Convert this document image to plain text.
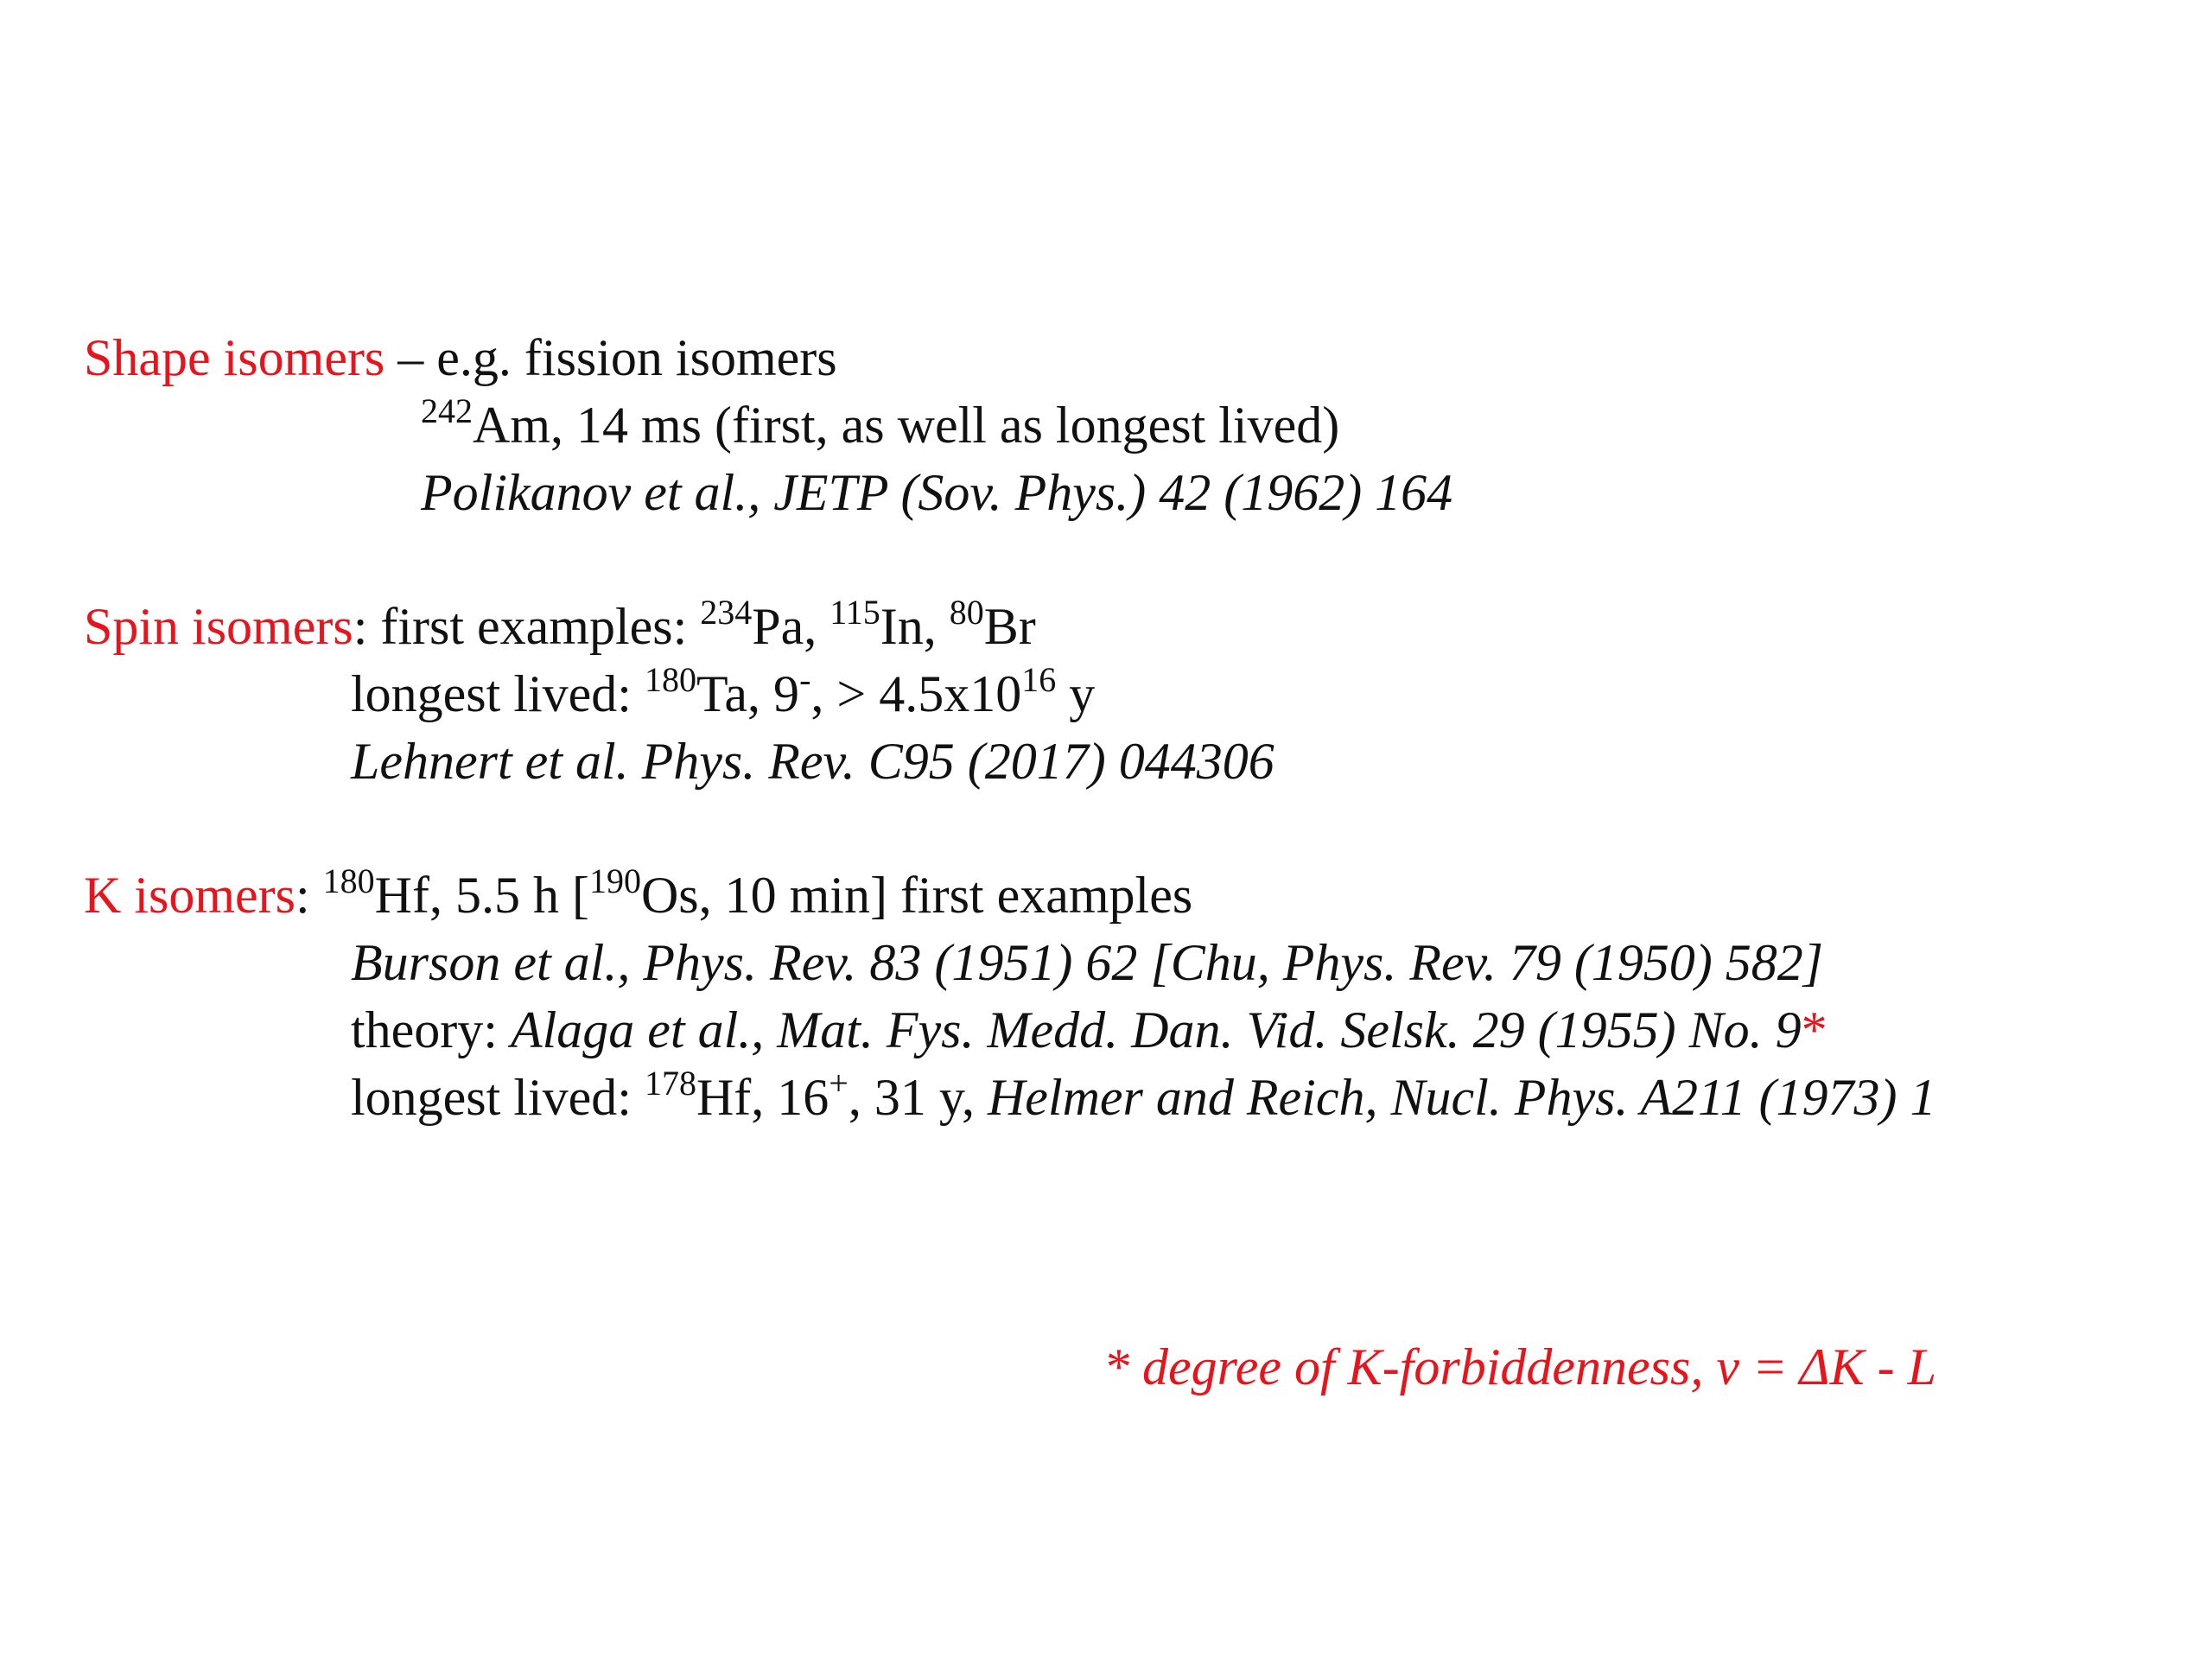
Shape isomers – e.g. fission isomers
$^{242}$Am, 14 ms (first, as well as longest lived)
Polikanov et al., JETP (Sov. Phys.) 42 (1962) 164
Spin isomers: first examples: $^{234}$Pa, $^{115}$In, $^{80}$Br
longest lived: $^{180}$Ta, 9-, > $4.5x10^{16}$ y
Lehnert et al. Phys. Rev. C95 (2017) 044306
K isomers: $^{180}$Hf, 5.5 h [$^{190}$Os, 10 min] first examples
Burson et al., Phys. Rev. 83 (1951) 62 [Chu, Phys. Rev. 79 (1950) 582]
theory: Alaga et al., Mat. Fys. Medd. Dan. Vid. Selsk. 29 (1955) No. 9*
longest lived: $^{178}$Hf, 16+, 31 y, Helmer and Reich, Nucl. Phys. A211 (1973) 1
* degree of K-forbiddenness, ν = ΔK - L
